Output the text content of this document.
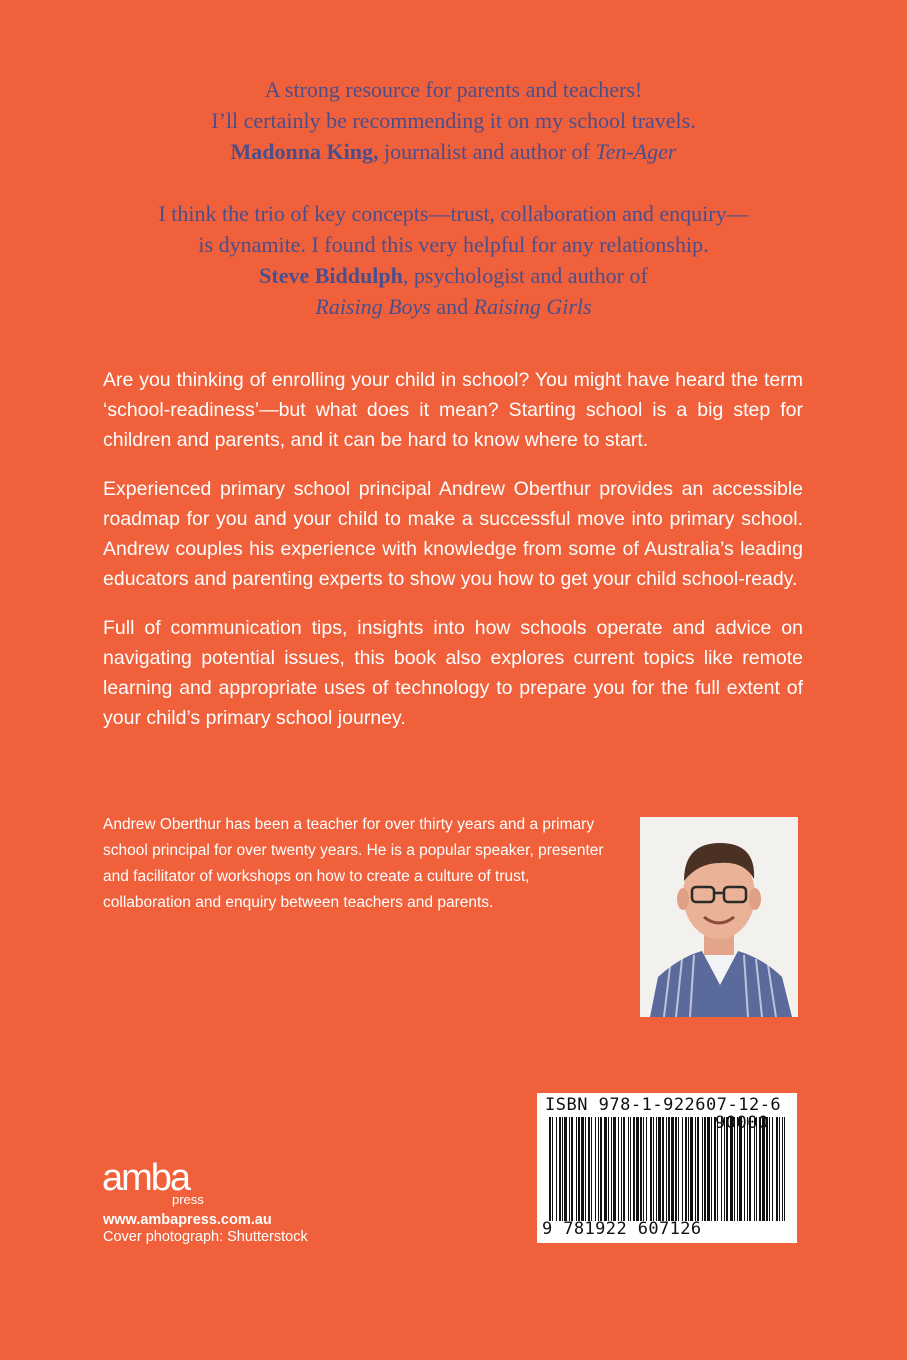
A strong resource for parents and teachers!
I’ll certainly be recommending it on my school travels.
Madonna King, journalist and author of Ten-Ager
I think the trio of key concepts—trust, collaboration and enquiry—
is dynamite. I found this very helpful for any relationship.
Steve Biddulph, psychologist and author of
Raising Boys and Raising Girls

Are you thinking of enrolling your child in school? You might have heard the term ‘school-readiness’—but what does it mean? Starting school is a big step for children and parents, and it can be hard to know where to start.

Experienced primary school principal Andrew Oberthur provides an accessible roadmap for you and your child to make a successful move into primary school. Andrew couples his experience with knowledge from some of Australia’s leading educators and parenting experts to show you how to get your child school-ready.

Full of communication tips, insights into how schools operate and advice on navigating potential issues, this book also explores current topics like remote learning and appropriate uses of technology to prepare you for the full extent of your child’s primary school journey.

Andrew Oberthur has been a teacher for over thirty years and a primary school principal for over twenty years. He is a popular speaker, presenter and facilitator of workshops on how to create a culture of trust, collaboration and enquiry between teachers and parents.
ISBN 978-1-922607-12-6
9 781922 607126
amba
press
www.ambapress.com.au
Cover photograph: Shutterstock
